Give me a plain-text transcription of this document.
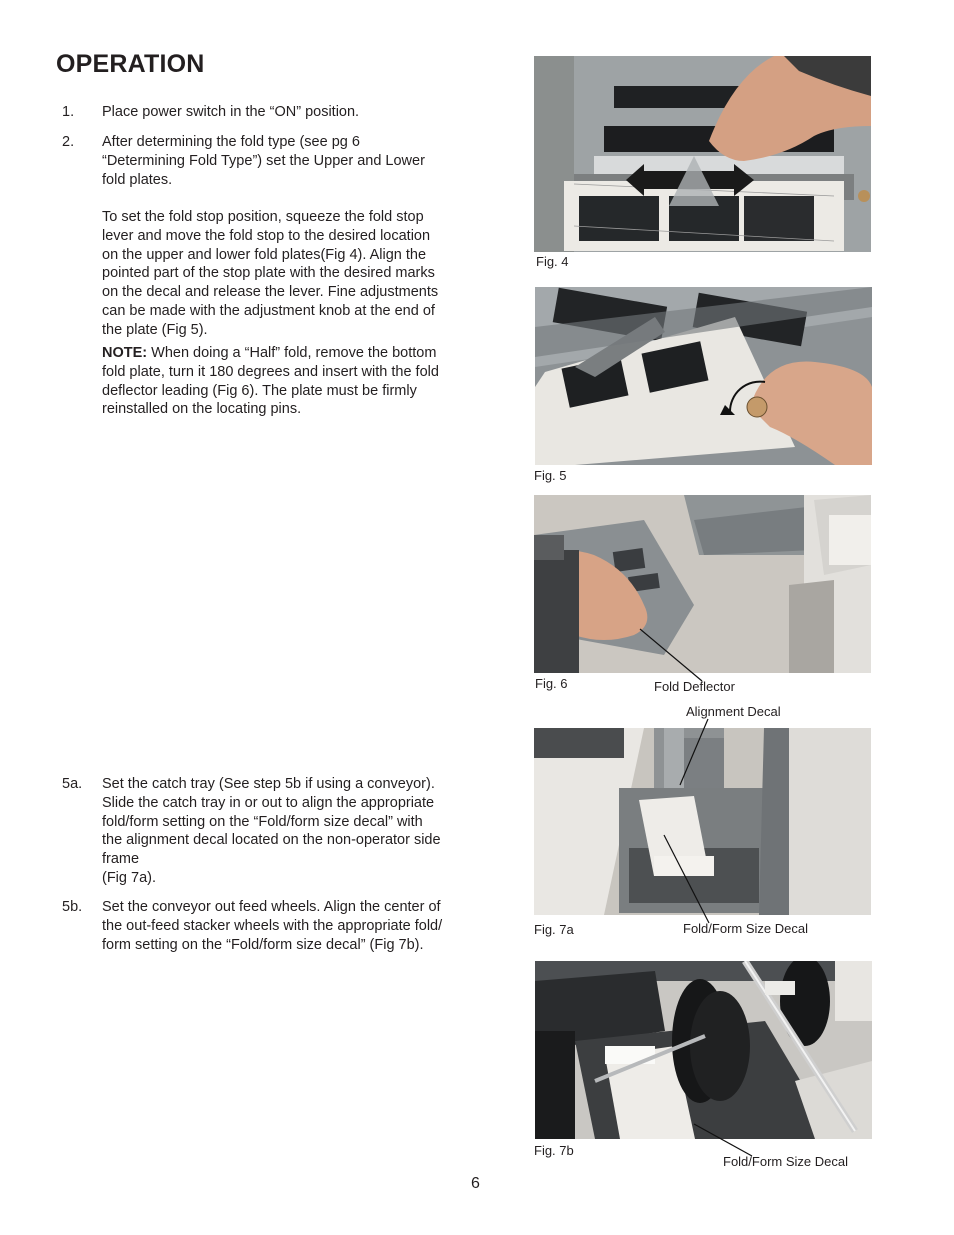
OPERATION
1. Place power switch in the “ON” position.
2. After determining the fold type (see pg 6

“Determining Fold Type”) set the Upper and Lower

fold plates.

To set the fold stop position, squeeze the fold stop

lever and move the fold stop to the desired location

on the upper and lower fold plates(Fig 4). Align the

pointed part of the stop plate with the desired marks

on the decal and release the lever. Fine adjustments

can be made with the adjustment knob at the end of

the plate (Fig 5).

NOTE: When doing a “Half” fold, remove the bottom

fold plate, turn it 180 degrees and insert with the fold

deflector leading (Fig 6). The plate must be firmly

reinstalled on the locating pins.

5a. Set the catch tray (See step 5b if using a conveyor).

Slide the catch tray in or out to align the appropriate

fold/form setting on the “Fold/form size decal” with

the alignment decal located on the non-operator side

frame

(Fig 7a).

5b. Set the conveyor out feed wheels. Align the center of

the out-feed stacker wheels with the appropriate fold/

form setting on the “Fold/form size decal” (Fig 7b).

Fig. 4
Fig. 5
Fig. 6	Fold Deflector
Alignment Decal
Fig. 7a	Fold/Form Size Decal
Fig. 7b
Fold/Form Size Decal
6
